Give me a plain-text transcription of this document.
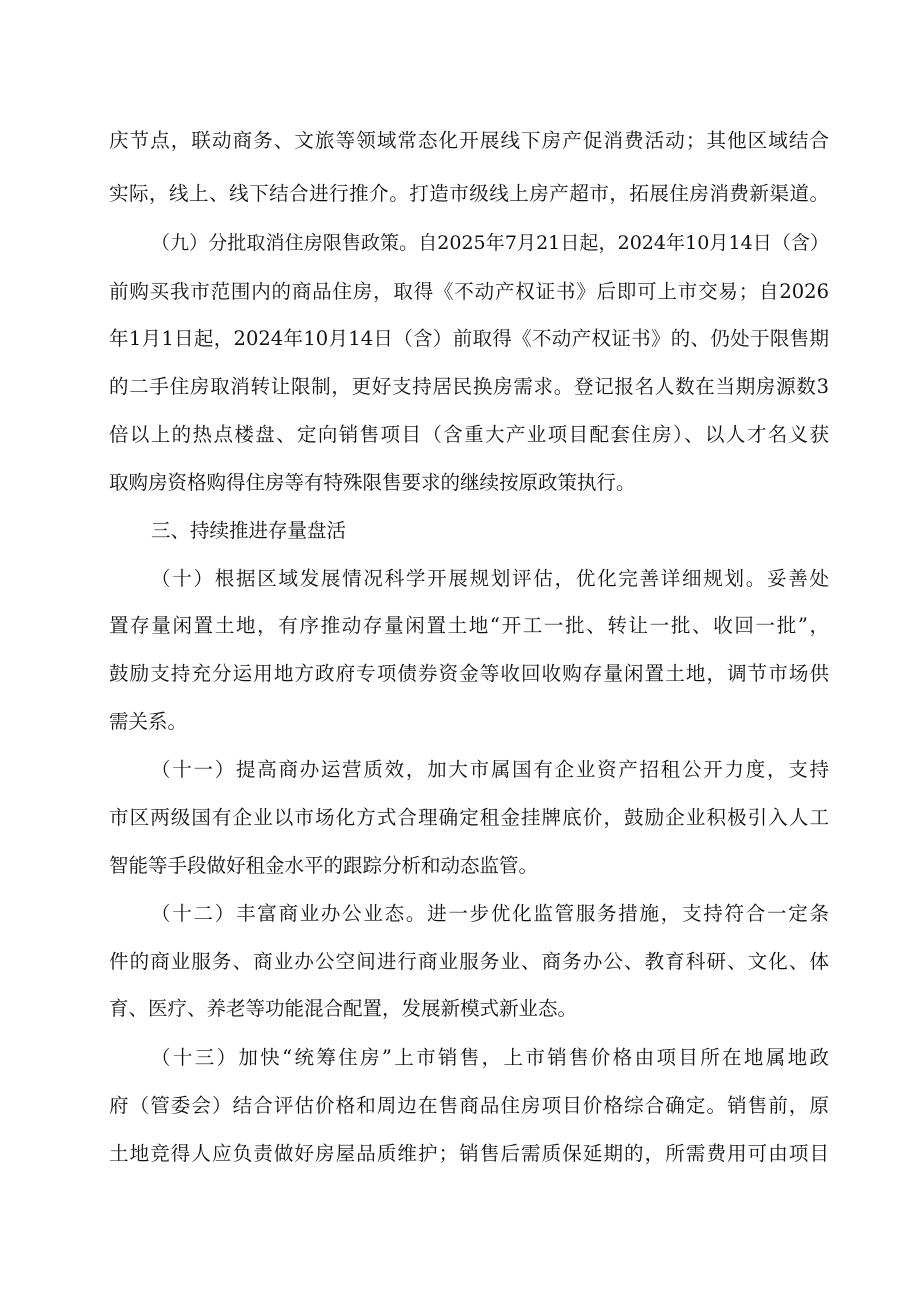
庆节点，联动商务、文旅等领域常态化开展线下房产促消费活动；其他区域结合
实际，线上、线下结合进行推介。打造市级线上房产超市，拓展住房消费新渠道。
（九）分批取消住房限售政策。自2025年7月21日起，2024年10月14日（含）
前购买我市范围内的商品住房，取得《不动产权证书》后即可上市交易；自2026
年1月1日起，2024年10月14日（含）前取得《不动产权证书》的、仍处于限售期
的二手住房取消转让限制，更好支持居民换房需求。登记报名人数在当期房源数3
倍以上的热点楼盘、定向销售项目（含重大产业项目配套住房）、以人才名义获
取购房资格购得住房等有特殊限售要求的继续按原政策执行。
三、持续推进存量盘活
（十）根据区域发展情况科学开展规划评估，优化完善详细规划。妥善处
置存量闲置土地，有序推动存量闲置土地“开工一批、转让一批、收回一批”，
鼓励支持充分运用地方政府专项债券资金等收回收购存量闲置土地，调节市场供
需关系。
（十一）提高商办运营质效，加大市属国有企业资产招租公开力度，支持
市区两级国有企业以市场化方式合理确定租金挂牌底价，鼓励企业积极引入人工
智能等手段做好租金水平的跟踪分析和动态监管。
（十二）丰富商业办公业态。进一步优化监管服务措施，支持符合一定条
件的商业服务、商业办公空间进行商业服务业、商务办公、教育科研、文化、体
育、医疗、养老等功能混合配置，发展新模式新业态。
（十三）加快“统筹住房”上市销售，上市销售价格由项目所在地属地政
府（管委会）结合评估价格和周边在售商品住房项目价格综合确定。销售前，原
土地竞得人应负责做好房屋品质维护；销售后需质保延期的，所需费用可由项目
